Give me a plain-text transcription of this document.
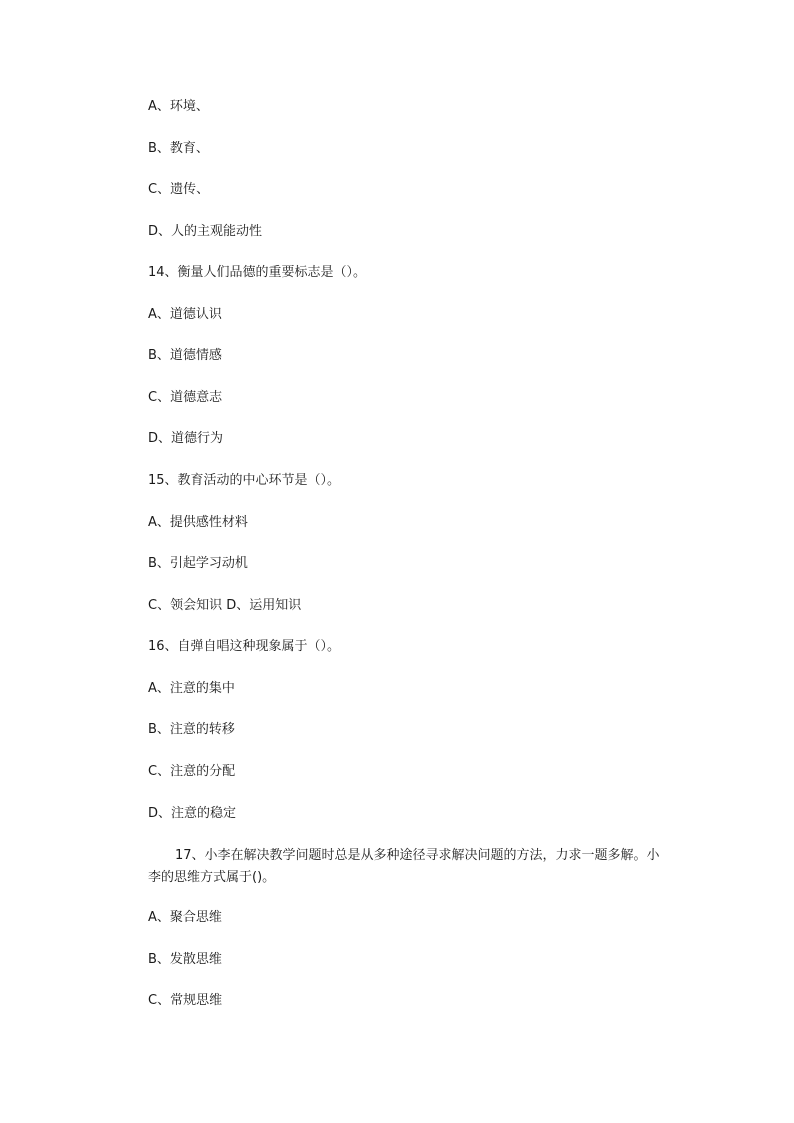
A、环境、
B、教育、
C、遗传、
D、人的主观能动性
14、衡量人们品德的重要标志是（）。
A、道德认识
B、道德情感
C、道德意志
D、道德行为
15、教育活动的中心环节是（）。
A、提供感性材料
B、引起学习动机
C、领会知识 D、运用知识
16、自弹自唱这种现象属于（）。
A、注意的集中
B、注意的转移
C、注意的分配
D、注意的稳定
17、小李在解决教学问题时总是从多种途径寻求解决问题的方法，力求一题多解。小
李的思维方式属于()。
A、聚合思维
B、发散思维
C、常规思维
